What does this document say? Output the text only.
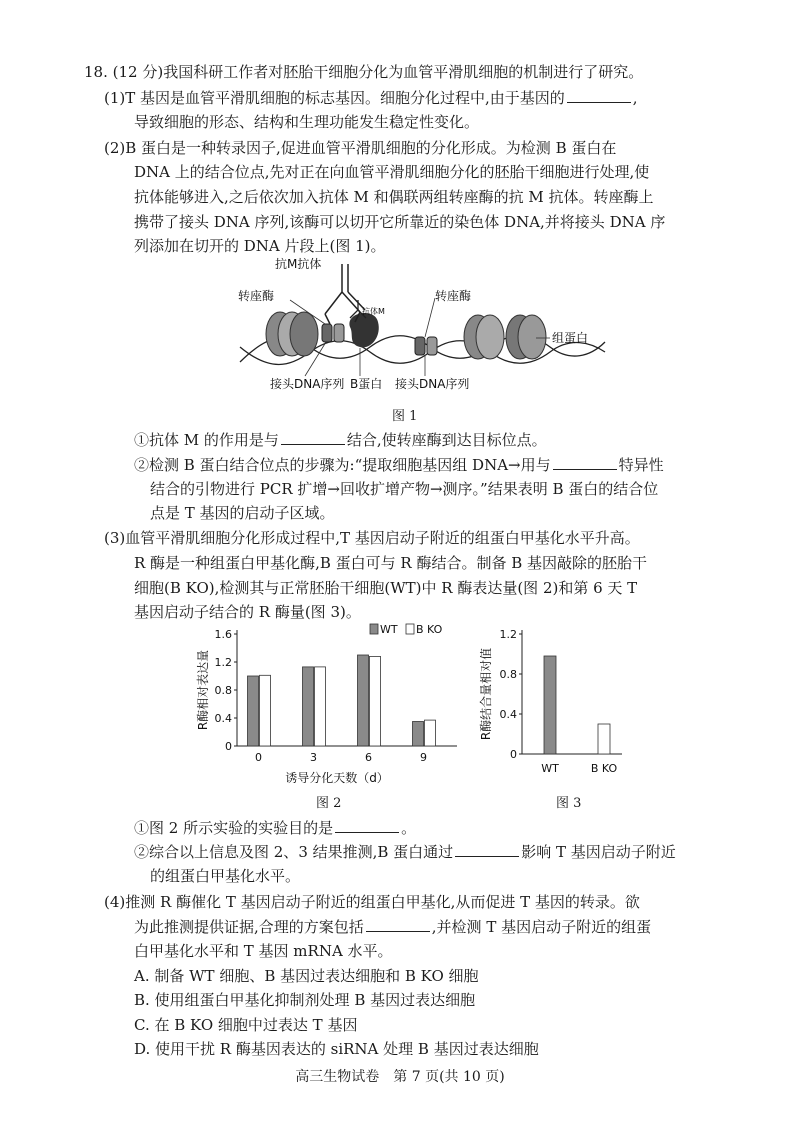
18. (12 分)我国科研工作者对胚胎干细胞分化为血管平滑肌细胞的机制进行了研究。
(1)T 基因是血管平滑肌细胞的标志基因。细胞分化过程中,由于基因的	,
导致细胞的形态、结构和生理功能发生稳定性变化。
(2)B 蛋白是一种转录因子,促进血管平滑肌细胞的分化形成。为检测 B 蛋白在
DNA 上的结合位点,先对正在向血管平滑肌细胞分化的胚胎干细胞进行处理,使
抗体能够进入,之后依次加入抗体 M 和偶联两组转座酶的抗 M 抗体。转座酶上
携带了接头 DNA 序列,该酶可以切开它所靠近的染色体 DNA,并将接头 DNA 序
列添加在切开的 DNA 片段上(图 1)。
抗M抗体
转座酶	转座酶
抗体M
组蛋白
接头DNA序列 B蛋白 接头DNA序列
图 1
①抗体 M 的作用是与	结合,使转座酶到达目标位点。
②检测 B 蛋白结合位点的步骤为:“提取细胞基因组 DNA→用与	特异性
结合的引物进行 PCR 扩增→回收扩增产物→测序。”结果表明 B 蛋白的结合位
点是 T 基因的启动子区域。
(3)血管平滑肌细胞分化形成过程中,T 基因启动子附近的组蛋白甲基化水平升高。
R 酶是一种组蛋白甲基化酶,B 蛋白可与 R 酶结合。制备 B 基因敲除的胚胎干
细胞(B KO),检测其与正常胚胎干细胞(WT)中 R 酶表达量(图 2)和第 6 天 T
基因启动子结合的 R 酶量(图 3)。
0
0.4
0.8
1.2
1.6
0	3	6	9
诱导分化天数（d）
R酶相对表达量
WT B KO
图 2
0
0.4
0.8
1.2
WT	B KO
R酶结合量相对值
图 3
①图 2 所示实验的实验目的是	。
②综合以上信息及图 2、3 结果推测,B 蛋白通过	影响 T 基因启动子附近
的组蛋白甲基化水平。
(4)推测 R 酶催化 T 基因启动子附近的组蛋白甲基化,从而促进 T 基因的转录。欲
为此推测提供证据,合理的方案包括	,并检测 T 基因启动子附近的组蛋
白甲基化水平和 T 基因 mRNA 水平。
A. 制备 WT 细胞、B 基因过表达细胞和 B KO 细胞
B. 使用组蛋白甲基化抑制剂处理 B 基因过表达细胞
C. 在 B KO 细胞中过表达 T 基因
D. 使用干扰 R 酶基因表达的 siRNA 处理 B 基因过表达细胞
高三生物试卷　第 7 页(共 10 页)
